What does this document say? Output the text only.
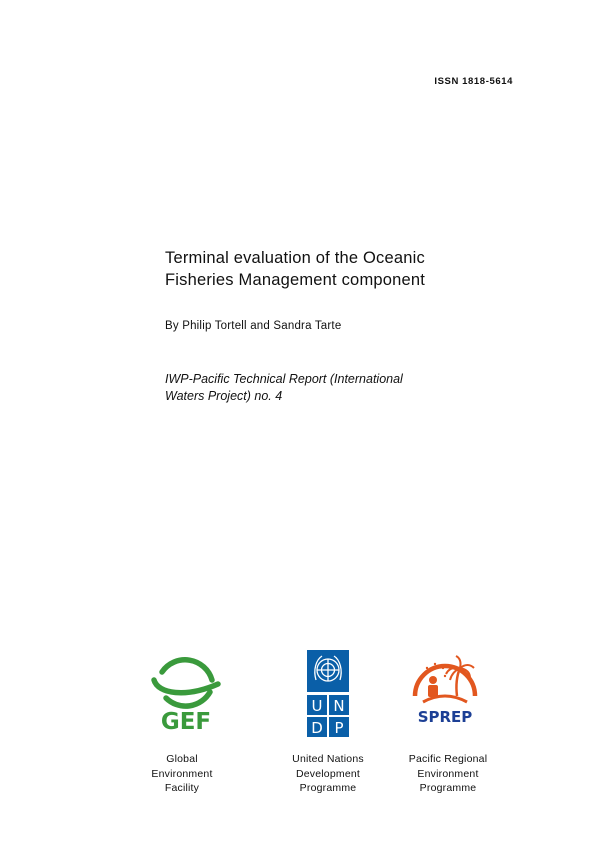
ISSN 1818-5614
Terminal evaluation of the Oceanic
Fisheries Management component
By Philip Tortell and Sandra Tarte
IWP-Pacific Technical Report (International
Waters Project) no. 4
GEF
U N
D P
SPREP
Global
Environment
Facility
United Nations
Development
Programme
Pacific Regional
Environment
Programme
